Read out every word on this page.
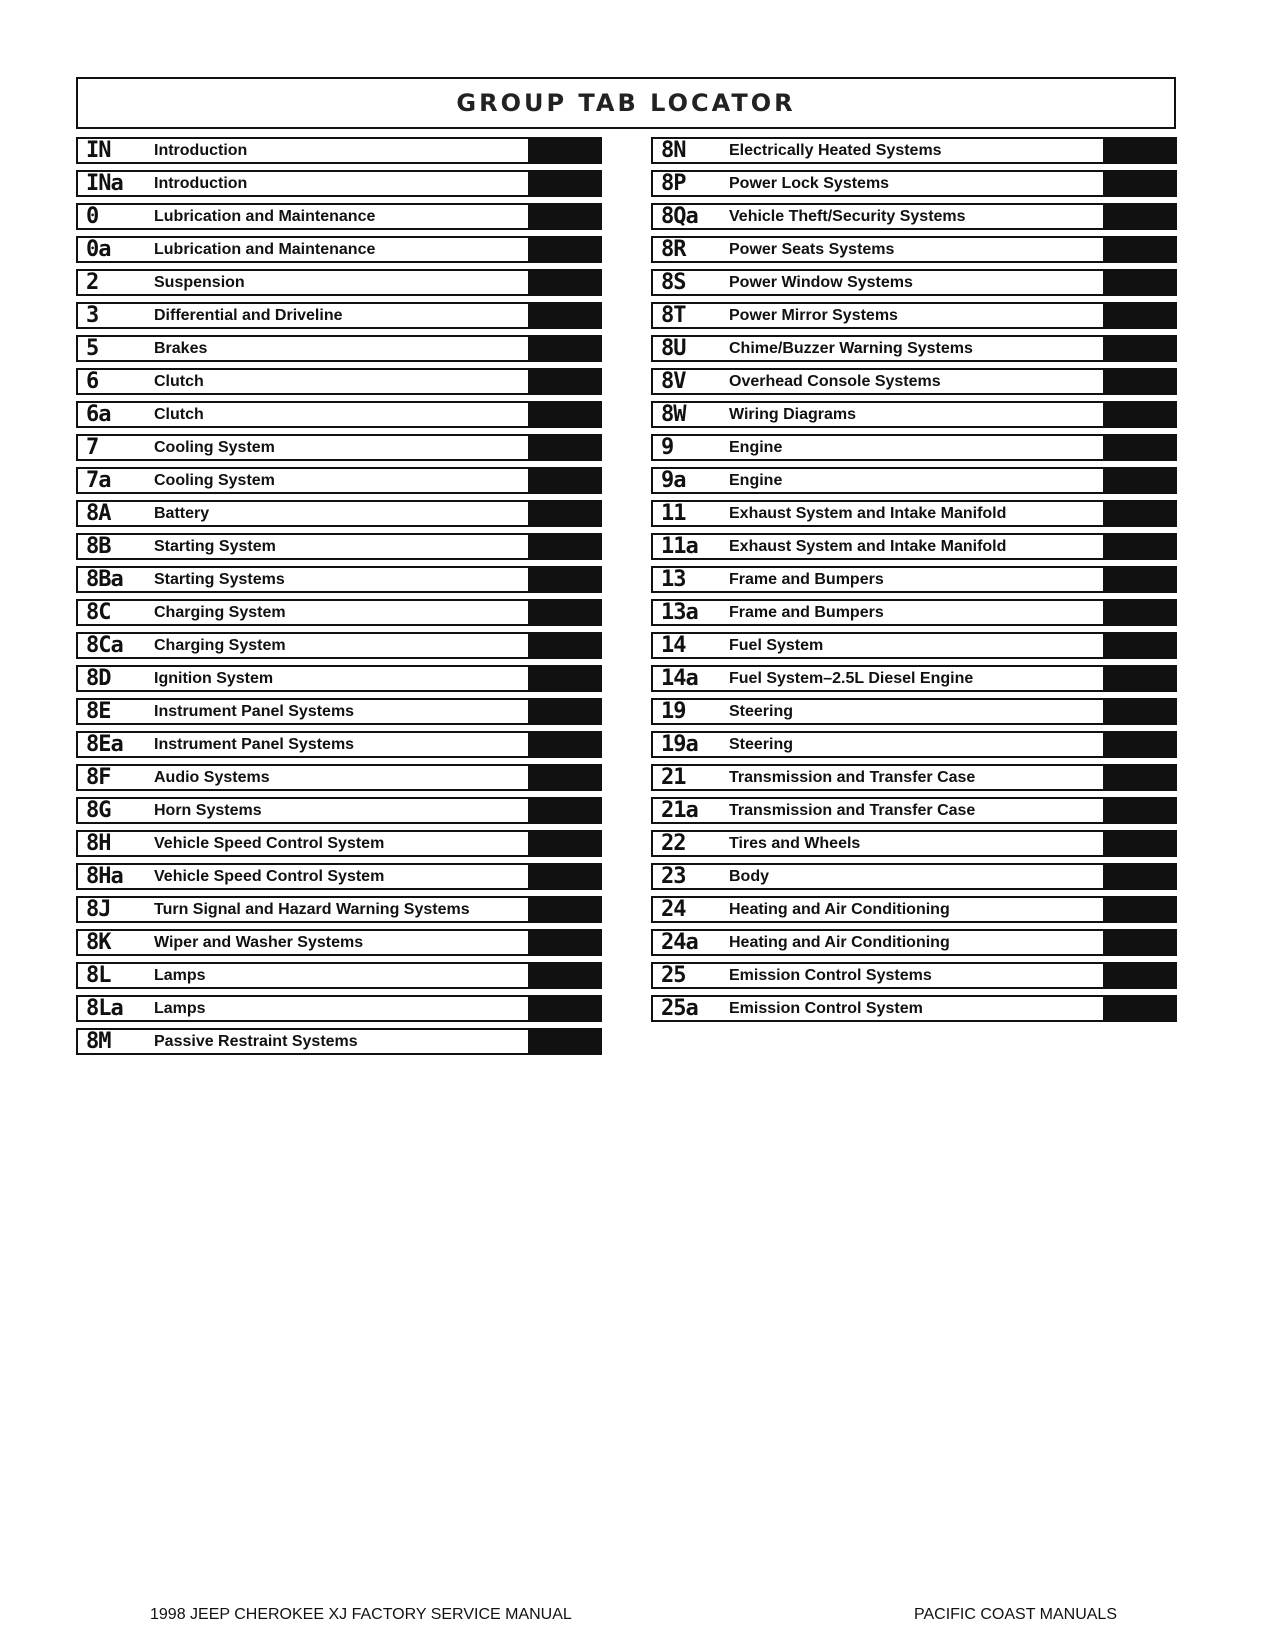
GROUP TAB LOCATOR
IN	Introduction
INa	Introduction
0	Lubrication and Maintenance
0a	Lubrication and Maintenance
2	Suspension
3	Differential and Driveline
5	Brakes
6	Clutch
6a	Clutch
7	Cooling System
7a	Cooling System
8A	Battery
8B	Starting System
8Ba	Starting Systems
8C	Charging System
8Ca	Charging System
8D	Ignition System
8E	Instrument Panel Systems
8Ea	Instrument Panel Systems
8F	Audio Systems
8G	Horn Systems
8H	Vehicle Speed Control System
8Ha	Vehicle Speed Control System
8J	Turn Signal and Hazard Warning Systems
8K	Wiper and Washer Systems
8L	Lamps
8La	Lamps
8M	Passive Restraint Systems
8N	Electrically Heated Systems
8P	Power Lock Systems
8Qa	Vehicle Theft/Security Systems
8R	Power Seats Systems
8S	Power Window Systems
8T	Power Mirror Systems
8U	Chime/Buzzer Warning Systems
8V	Overhead Console Systems
8W	Wiring Diagrams
9	Engine
9a	Engine
11	Exhaust System and Intake Manifold
11a	Exhaust System and Intake Manifold
13	Frame and Bumpers
13a	Frame and Bumpers
14	Fuel System
14a	Fuel System–2.5L Diesel Engine
19	Steering
19a	Steering
21	Transmission and Transfer Case
21a	Transmission and Transfer Case
22	Tires and Wheels
23	Body
24	Heating and Air Conditioning
24a	Heating and Air Conditioning
25	Emission Control Systems
25a	Emission Control System
1998 JEEP CHEROKEE XJ FACTORY SERVICE MANUAL	PACIFIC COAST MANUALS
